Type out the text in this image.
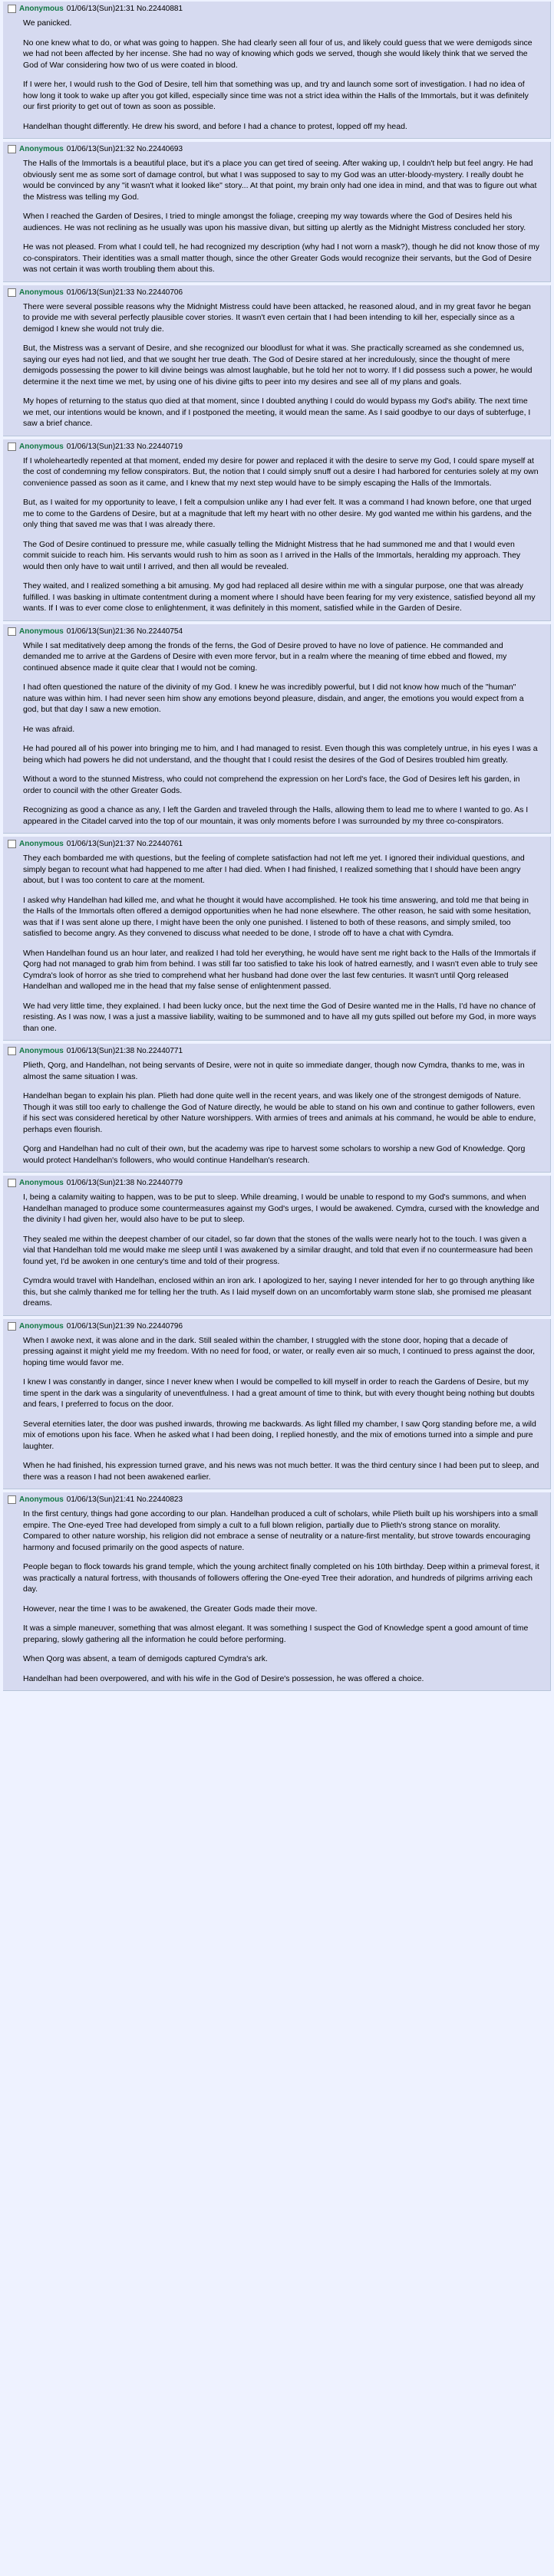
Anonymous 01/06/13(Sun)21:31 No.22440881

We panicked.

No one knew what to do, or what was going to happen. She had clearly seen all four of us, and likely could guess that we were demigods since we had not been affected by her incense. She had no way of knowing which gods we served, though she would likely think that we served the God of War considering how two of us were coated in blood.

If I were her, I would rush to the God of Desire, tell him that something was up, and try and launch some sort of investigation. I had no idea of how long it took to wake up after you got killed, especially since time was not a strict idea within the Halls of the Immortals, but it was definitely our first priority to get out of town as soon as possible.

Handelhan thought differently. He drew his sword, and before I had a chance to protest, lopped off my head.

Anonymous 01/06/13(Sun)21:32 No.22440693

The Halls of the Immortals is a beautiful place, but it's a place you can get tired of seeing. After waking up, I couldn't help but feel angry. He had obviously sent me as some sort of damage control, but what I was supposed to say to my God was an utter-bloody-mystery. I really doubt he would be convinced by any "it wasn't what it looked like" story... At that point, my brain only had one idea in mind, and that was to figure out what the Mistress was telling my God.

When I reached the Garden of Desires, I tried to mingle amongst the foliage, creeping my way towards where the God of Desires held his audiences. He was not reclining as he usually was upon his massive divan, but sitting up alertly as the Midnight Mistress concluded her story.

He was not pleased. From what I could tell, he had recognized my description (why had I not worn a mask?), though he did not know those of my co-conspirators. Their identities was a small matter though, since the other Greater Gods would recognize their servants, but the God of Desire was not certain it was worth troubling them about this.

Anonymous 01/06/13(Sun)21:33 No.22440706

There were several possible reasons why the Midnight Mistress could have been attacked, he reasoned aloud, and in my great favor he began to provide me with several perfectly plausible cover stories. It wasn't even certain that I had been intending to kill her, especially since as a demigod I knew she would not truly die.

But, the Mistress was a servant of Desire, and she recognized our bloodlust for what it was. She practically screamed as she condemned us, saying our eyes had not lied, and that we sought her true death. The God of Desire stared at her incredulously, since the thought of mere demigods possessing the power to kill divine beings was almost laughable, but he told her not to worry. If I did possess such a power, he would determine it the next time we met, by using one of his divine gifts to peer into my desires and see all of my plans and goals.

My hopes of returning to the status quo died at that moment, since I doubted anything I could do would bypass my God's ability. The next time we met, our intentions would be known, and if I postponed the meeting, it would mean the same. As I said goodbye to our days of subterfuge, I saw a brief chance.

Anonymous 01/06/13(Sun)21:33 No.22440719

If I wholeheartedly repented at that moment, ended my desire for power and replaced it with the desire to serve my God, I could spare myself at the cost of condemning my fellow conspirators. But, the notion that I could simply snuff out a desire I had harbored for centuries solely at my own convenience passed as soon as it came, and I knew that my next step would have to be simply escaping the Halls of the Immortals.

But, as I waited for my opportunity to leave, I felt a compulsion unlike any I had ever felt. It was a command I had known before, one that urged me to come to the Gardens of Desire, but at a magnitude that left my heart with no other desire. My god wanted me within his gardens, and the only thing that saved me was that I was already there.

The God of Desire continued to pressure me, while casually telling the Midnight Mistress that he had summoned me and that I would even commit suicide to reach him. His servants would rush to him as soon as I arrived in the Halls of the Immortals, heralding my approach. They would then only have to wait until I arrived, and then all would be revealed.

They waited, and I realized something a bit amusing. My god had replaced all desire within me with a singular purpose, one that was already fulfilled. I was basking in ultimate contentment during a moment where I should have been fearing for my very existence, satisfied beyond all my wants. If I was to ever come close to enlightenment, it was definitely in this moment, satisfied while in the Garden of Desire.

Anonymous 01/06/13(Sun)21:36 No.22440754

While I sat meditatively deep among the fronds of the ferns, the God of Desire proved to have no love of patience. He commanded and demanded me to arrive at the Gardens of Desire with even more fervor, but in a realm where the meaning of time ebbed and flowed, my continued absence made it quite clear that I would not be coming.

I had often questioned the nature of the divinity of my God. I knew he was incredibly powerful, but I did not know how much of the "human" nature was within him. I had never seen him show any emotions beyond pleasure, disdain, and anger, the emotions you would expect from a god, but that day I saw a new emotion.

He was afraid.

He had poured all of his power into bringing me to him, and I had managed to resist. Even though this was completely untrue, in his eyes I was a being which had powers he did not understand, and the thought that I could resist the desires of the God of Desires troubled him greatly.

Without a word to the stunned Mistress, who could not comprehend the expression on her Lord's face, the God of Desires left his garden, in order to council with the other Greater Gods.

Recognizing as good a chance as any, I left the Garden and traveled through the Halls, allowing them to lead me to where I wanted to go. As I appeared in the Citadel carved into the top of our mountain, it was only moments before I was surrounded by my three co-conspirators.

Anonymous 01/06/13(Sun)21:37 No.22440761

They each bombarded me with questions, but the feeling of complete satisfaction had not left me yet. I ignored their individual questions, and simply began to recount what had happened to me after I had died. When I had finished, I realized something that I should have been angry about, but I was too content to care at the moment.

I asked why Handelhan had killed me, and what he thought it would have accomplished. He took his time answering, and told me that being in the Halls of the Immortals often offered a demigod opportunities when he had none elsewhere. The other reason, he said with some hesitation, was that if I was sent alone up there, I might have been the only one punished. I listened to both of these reasons, and simply smiled, too satisfied to become angry. As they convened to discuss what needed to be done, I strode off to have a chat with Cymdra.

When Handelhan found us an hour later, and realized I had told her everything, he would have sent me right back to the Halls of the Immortals if Qorg had not managed to grab him from behind. I was still far too satisfied to take his look of hatred earnestly, and I wasn't even able to truly see Cymdra's look of horror as she tried to comprehend what her husband had done over the last few centuries. It wasn't until Qorg released Handelhan and walloped me in the head that my false sense of enlightenment passed.

We had very little time, they explained. I had been lucky once, but the next time the God of Desire wanted me in the Halls, I'd have no chance of resisting. As I was now, I was a just a massive liability, waiting to be summoned and to have all my guts spilled out before my God, in more ways than one.

Anonymous 01/06/13(Sun)21:38 No.22440771

Plieth, Qorg, and Handelhan, not being servants of Desire, were not in quite so immediate danger, though now Cymdra, thanks to me, was in almost the same situation I was.

Handelhan began to explain his plan. Plieth had done quite well in the recent years, and was likely one of the strongest demigods of Nature. Though it was still too early to challenge the God of Nature directly, he would be able to stand on his own and continue to gather followers, even if his sect was considered heretical by other Nature worshippers. With armies of trees and animals at his command, he would be able to endure, perhaps even flourish.

Qorg and Handelhan had no cult of their own, but the academy was ripe to harvest some scholars to worship a new God of Knowledge. Qorg would protect Handelhan's followers, who would continue Handelhan's research.

Anonymous 01/06/13(Sun)21:38 No.22440779

I, being a calamity waiting to happen, was to be put to sleep. While dreaming, I would be unable to respond to my God's summons, and when Handelhan managed to produce some countermeasures against my God's urges, I would be awakened. Cymdra, cursed with the knowledge and the divinity I had given her, would also have to be put to sleep.

They sealed me within the deepest chamber of our citadel, so far down that the stones of the walls were nearly hot to the touch. I was given a vial that Handelhan told me would make me sleep until I was awakened by a similar draught, and told that even if no countermeasure had been found yet, I'd be awoken in one century's time and told of their progress.

Cymdra would travel with Handelhan, enclosed within an iron ark. I apologized to her, saying I never intended for her to go through anything like this, but she calmly thanked me for telling her the truth. As I laid myself down on an uncomfortably warm stone slab, she promised me pleasant dreams.

Anonymous 01/06/13(Sun)21:39 No.22440796

When I awoke next, it was alone and in the dark. Still sealed within the chamber, I struggled with the stone door, hoping that a decade of pressing against it might yield me my freedom. With no need for food, or water, or really even air so much, I continued to press against the door, hoping time would favor me.

I knew I was constantly in danger, since I never knew when I would be compelled to kill myself in order to reach the Gardens of Desire, but my time spent in the dark was a singularity of uneventfulness. I had a great amount of time to think, but with every thought being nothing but doubts and fears, I preferred to focus on the door.

Several eternities later, the door was pushed inwards, throwing me backwards. As light filled my chamber, I saw Qorg standing before me, a wild mix of emotions upon his face. When he asked what I had been doing, I replied honestly, and the mix of emotions turned into a simple and pure laughter.

When he had finished, his expression turned grave, and his news was not much better. It was the third century since I had been put to sleep, and there was a reason I had not been awakened earlier.

Anonymous 01/06/13(Sun)21:41 No.22440823

In the first century, things had gone according to our plan. Handelhan produced a cult of scholars, while Plieth built up his worshipers into a small empire. The One-eyed Tree had developed from simply a cult to a full blown religion, partially due to Plieth's strong stance on morality. Compared to other nature worship, his religion did not embrace a sense of neutrality or a nature-first mentality, but strove towards encouraging harmony and focused primarily on the good aspects of nature.

People began to flock towards his grand temple, which the young architect finally completed on his 10th birthday. Deep within a primeval forest, it was practically a natural fortress, with thousands of followers offering the One-eyed Tree their adoration, and hundreds of pilgrims arriving each day.

However, near the time I was to be awakened, the Greater Gods made their move.

It was a simple maneuver, something that was almost elegant. It was something I suspect the God of Knowledge spent a good amount of time preparing, slowly gathering all the information he could before performing.

When Qorg was absent, a team of demigods captured Cymdra's ark.

Handelhan had been overpowered, and with his wife in the God of Desire's possession, he was offered a choice.
